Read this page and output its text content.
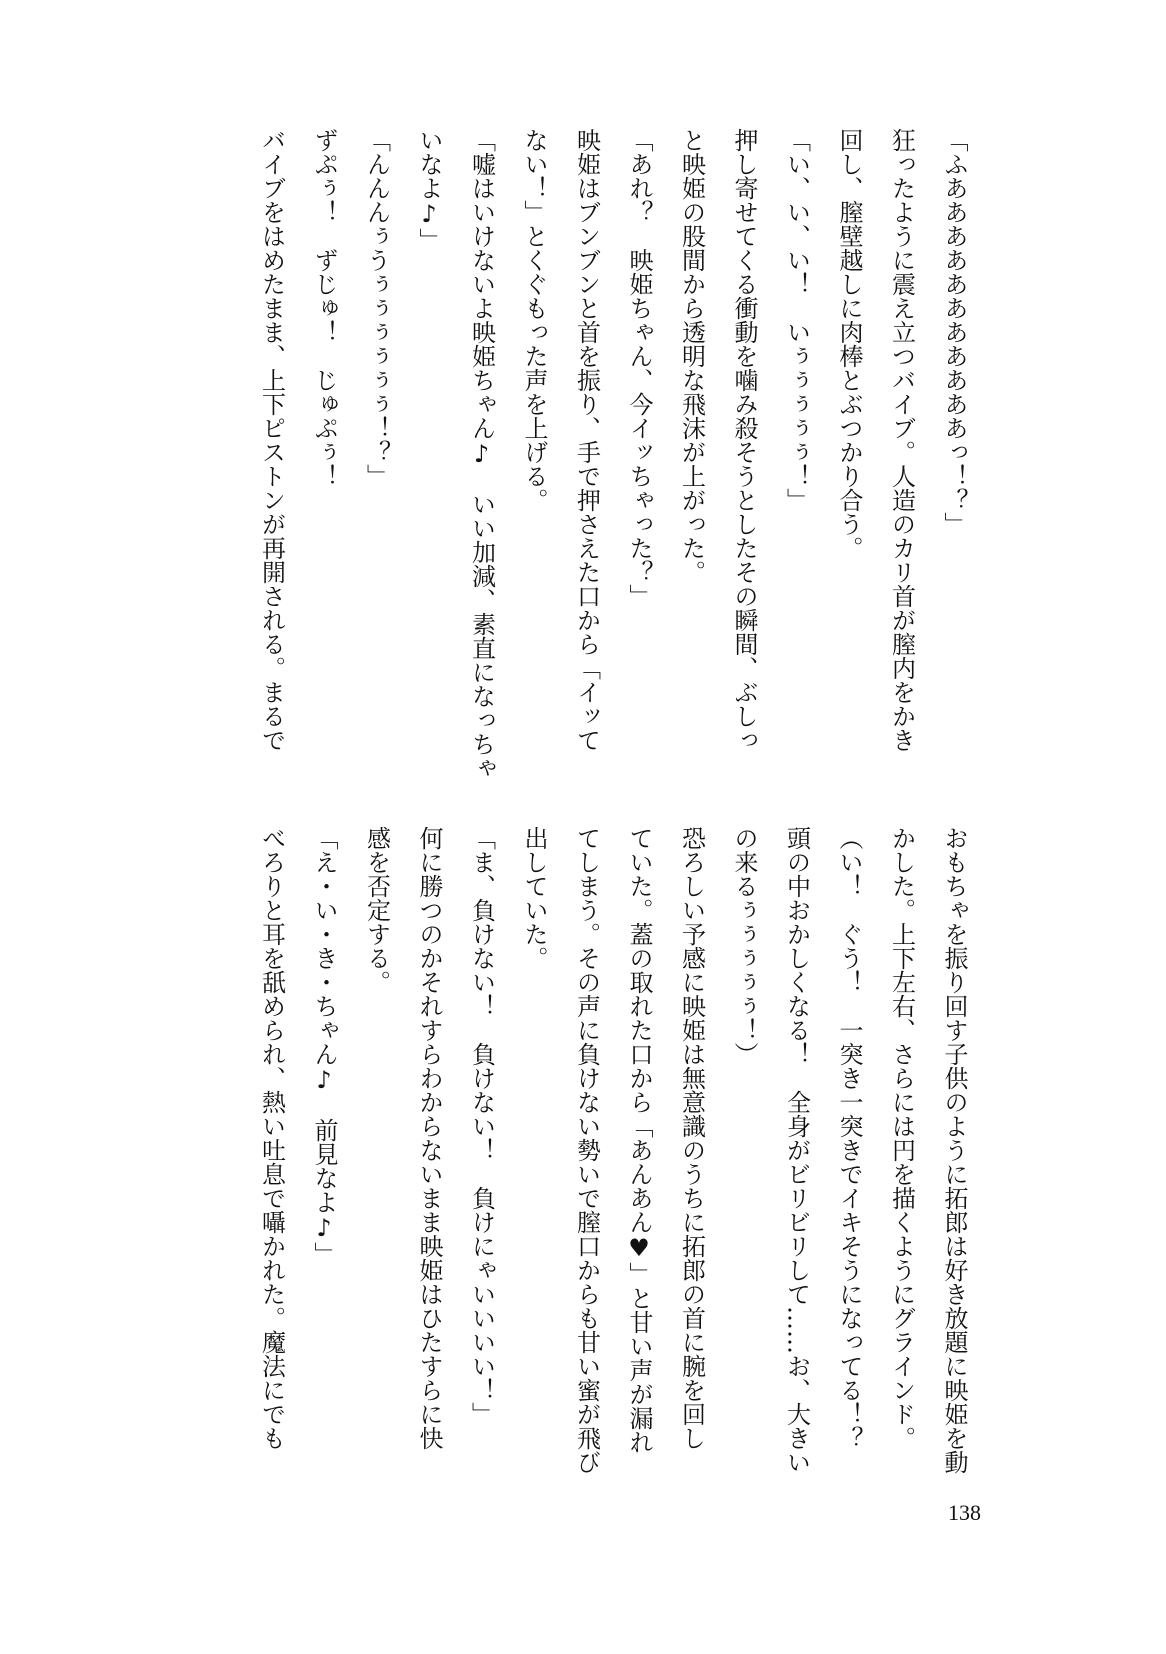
「ふあああああああああああっ！？」
狂ったように震え立つバイブ。人造のカリ首が膣内をかき
回し、膣壁越しに肉棒とぶつかり合う。
「い、い、い！　いぅぅぅぅぅ！」
押し寄せてくる衝動を噛み殺そうとしたその瞬間、ぶしっ
と映姫の股間から透明な飛沫が上がった。
「あれ？　映姫ちゃん、今イッちゃった？」
映姫はブンブンと首を振り、手で押さえた口から「イッて
ない！」とくぐもった声を上げる。
「嘘はいけないよ映姫ちゃん♪　いい加減、素直になっちゃ
いなよ♪」
「んんんぅうぅぅぅぅぅぅ！？」
ずぷぅ！　ずじゅ！　じゅぷぅ！
バイブをはめたまま、上下ピストンが再開される。まるで
おもちゃを振り回す子供のように拓郎は好き放題に映姫を動
かした。上下左右、さらには円を描くようにグラインド。
（い！　ぐう！　一突き一突きでイキそうになってる！？
頭の中おかしくなる！　全身がビリビリして……お、大きい
の来るぅぅぅぅぅ！）
恐ろしい予感に映姫は無意識のうちに拓郎の首に腕を回し
ていた。蓋の取れた口から「あんあん♥」と甘い声が漏れ
てしまう。その声に負けない勢いで膣口からも甘い蜜が飛び
出していた。
「ま、負けない！　負けない！　負けにゃいいいい！」
何に勝つのかそれすらわからないまま映姫はひたすらに快
感を否定する。
「え・い・き・ちゃん♪　前見なよ♪」
べろりと耳を舐められ、熱い吐息で囁かれた。魔法にでも
138
